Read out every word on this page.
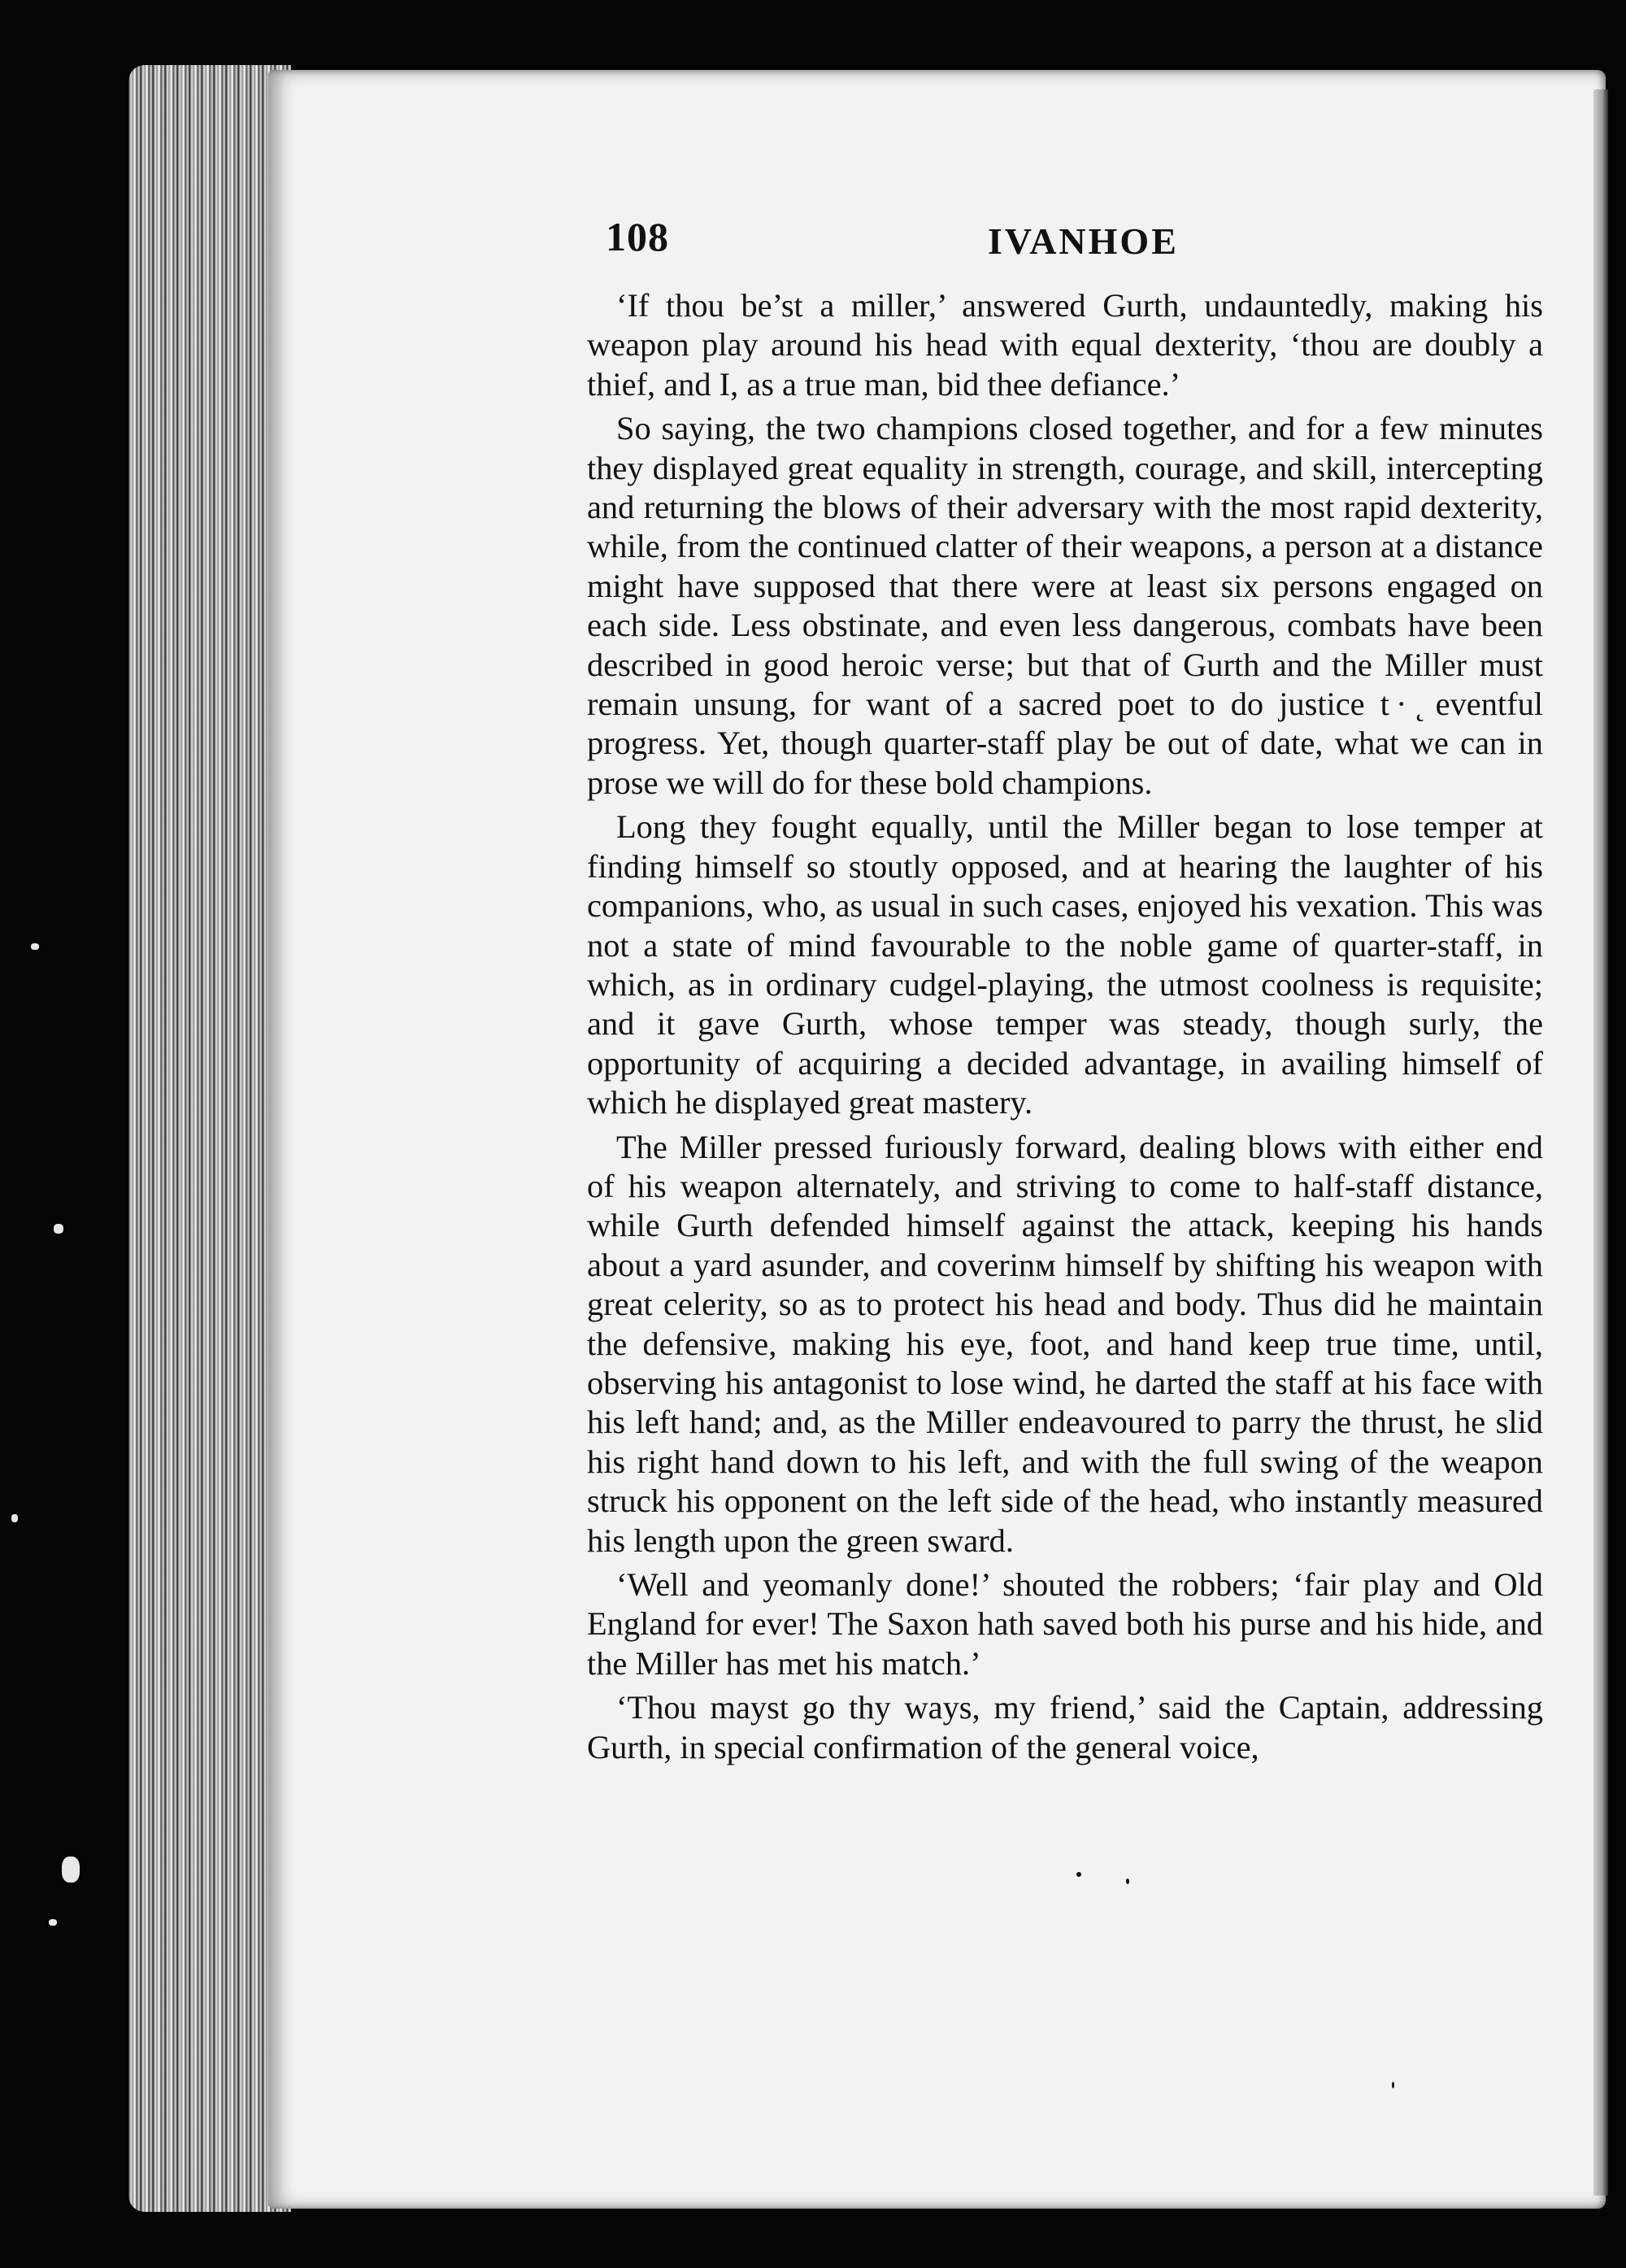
108	IVANHOE

‘If thou be’st a miller,’ answered Gurth, undauntedly, making his weapon play around his head with equal dexterity, ‘thou are doubly a thief, and I, as a true man, bid thee defiance.’

So saying, the two champions closed together, and for a few minutes they displayed great equality in strength, courage, and skill, intercepting and returning the blows of their adversary with the most rapid dexterity, while, from the continued clatter of their weapons, a person at a distance might have supposed that there were at least six persons engaged on each side. Less obstinate, and even less dangerous, combats have been described in good heroic verse; but that of Gurth and the Miller must remain unsung, for want of a sacred poet to do justice t ·  ̨ eventful progress. Yet, though quarter-staff play be out of date, what we can in prose we will do for these bold champions.

Long they fought equally, until the Miller began to lose temper at finding himself so stoutly opposed, and at hearing the laughter of his companions, who, as usual in such cases, enjoyed his vexation. This was not a state of mind favourable to the noble game of quarter-staff, in which, as in ordinary cudgel-playing, the utmost coolness is requisite; and it gave Gurth, whose temper was steady, though surly, the opportunity of acquiring a decided advantage, in availing himself of which he displayed great mastery.

The Miller pressed furiously forward, dealing blows with either end of his weapon alternately, and striving to come to half-staff distance, while Gurth defended himself against the attack, keeping his hands about a yard asunder, and coverin⁠ᴍ himself by shifting his weapon with great celerity, so as to protect his head and body. Thus did he maintain the defensive, making his eye, foot, and hand keep true time, until, observing his antagonist to lose wind, he darted the staff at his face with his left hand; and, as the Miller endeavoured to parry the thrust, he slid his right hand down to his left, and with the full swing of the weapon struck his opponent on the left side of the head, who instantly measured his length upon the green sward.

‘Well and yeomanly done!’ shouted the robbers; ‘fair play and Old England for ever! The Saxon hath saved both his purse and his hide, and the Miller has met his match.’

‘Thou mayst go thy ways, my friend,’ said the Captain, addressing Gurth, in special confirmation of the general voice,
